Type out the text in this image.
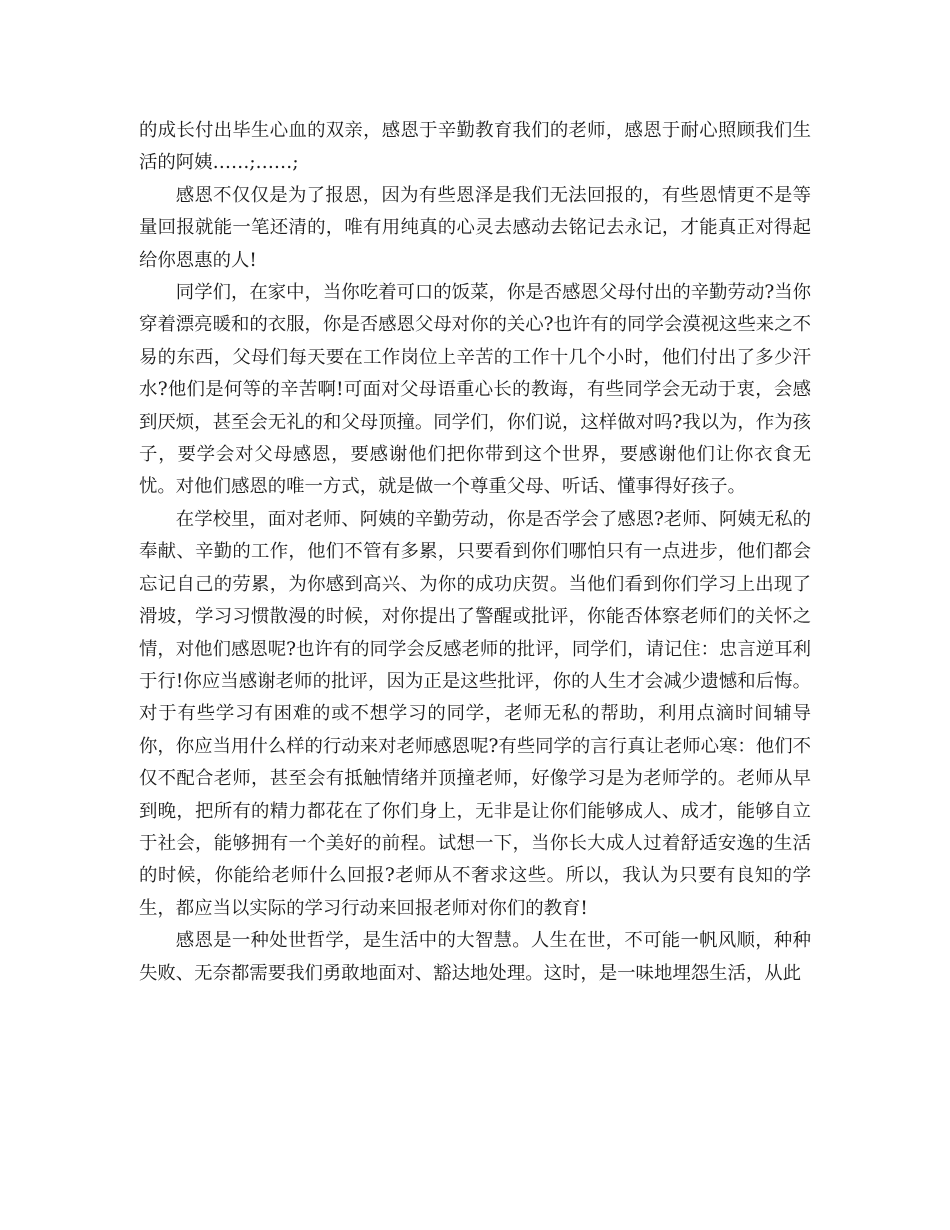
的成长付出毕生心血的双亲，感恩于辛勤教育我们的老师，感恩于耐心照顾我们生活的阿姨……;……;

感恩不仅仅是为了报恩，因为有些恩泽是我们无法回报的，有些恩情更不是等量回报就能一笔还清的，唯有用纯真的心灵去感动去铭记去永记，才能真正对得起给你恩惠的人!

同学们，在家中，当你吃着可口的饭菜，你是否感恩父母付出的辛勤劳动?当你穿着漂亮暖和的衣服，你是否感恩父母对你的关心?也许有的同学会漠视这些来之不易的东西，父母们每天要在工作岗位上辛苦的工作十几个小时，他们付出了多少汗水?他们是何等的辛苦啊!可面对父母语重心长的教诲，有些同学会无动于衷，会感到厌烦，甚至会无礼的和父母顶撞。同学们，你们说，这样做对吗?我以为，作为孩子，要学会对父母感恩，要感谢他们把你带到这个世界，要感谢他们让你衣食无忧。对他们感恩的唯一方式，就是做一个尊重父母、听话、懂事得好孩子。

在学校里，面对老师、阿姨的辛勤劳动，你是否学会了感恩?老师、阿姨无私的奉献、辛勤的工作，他们不管有多累，只要看到你们哪怕只有一点进步，他们都会忘记自己的劳累，为你感到高兴、为你的成功庆贺。当他们看到你们学习上出现了滑坡，学习习惯散漫的时候，对你提出了警醒或批评，你能否体察老师们的关怀之情，对他们感恩呢?也许有的同学会反感老师的批评，同学们，请记住：忠言逆耳利于行!你应当感谢老师的批评，因为正是这些批评，你的人生才会减少遗憾和后悔。对于有些学习有困难的或不想学习的同学，老师无私的帮助，利用点滴时间辅导你，你应当用什么样的行动来对老师感恩呢?有些同学的言行真让老师心寒：他们不仅不配合老师，甚至会有抵触情绪并顶撞老师，好像学习是为老师学的。老师从早到晚，把所有的精力都花在了你们身上，无非是让你们能够成人、成才，能够自立于社会，能够拥有一个美好的前程。试想一下，当你长大成人过着舒适安逸的生活的时候，你能给老师什么回报?老师从不奢求这些。所以，我认为只要有良知的学生，都应当以实际的学习行动来回报老师对你们的教育!

感恩是一种处世哲学，是生活中的大智慧。人生在世，不可能一帆风顺，种种失败、无奈都需要我们勇敢地面对、豁达地处理。这时，是一味地埋怨生活，从此
